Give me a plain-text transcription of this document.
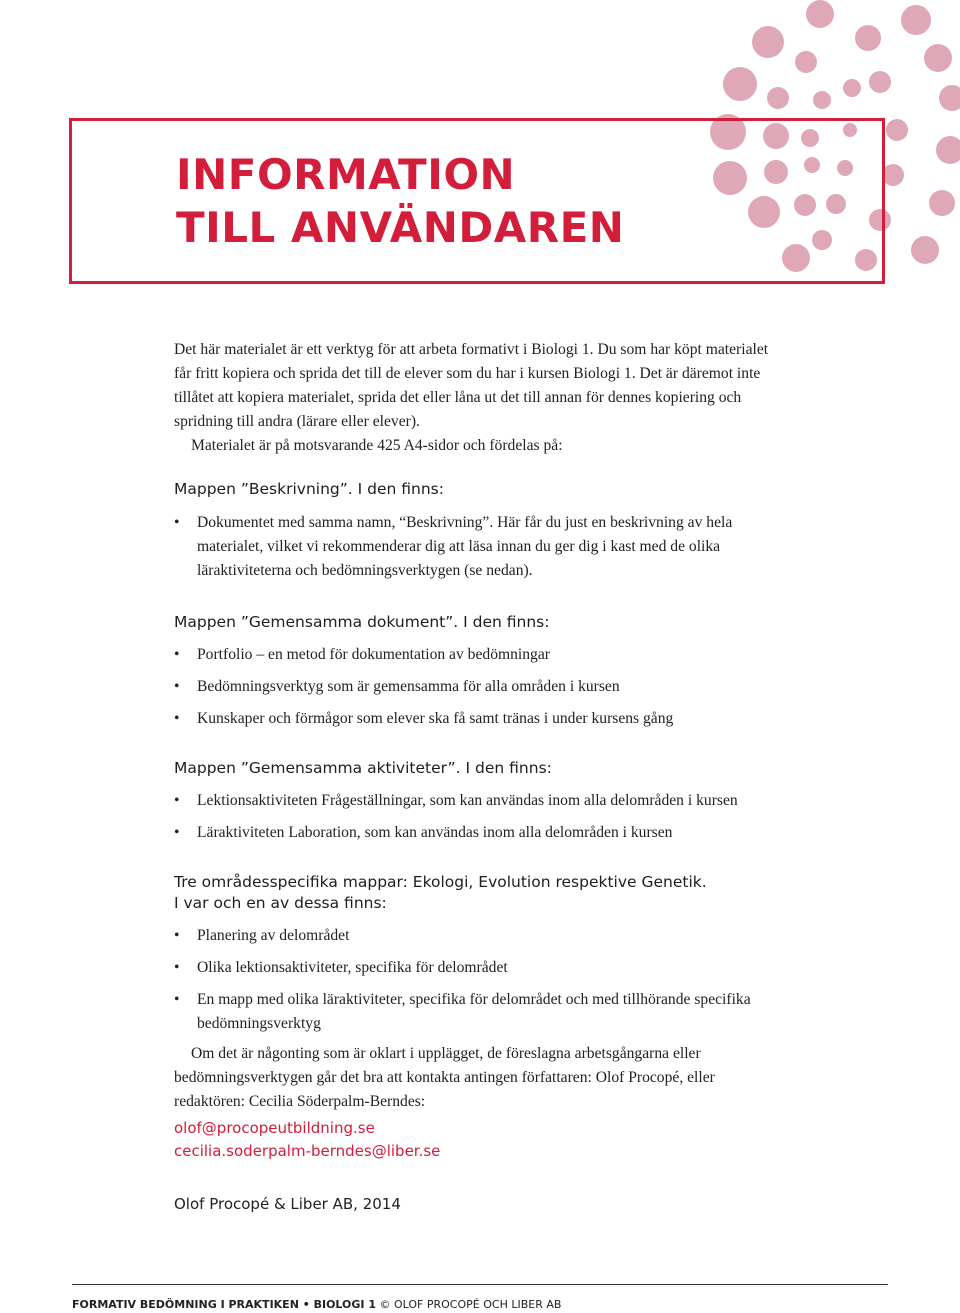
INFORMATION
TILL ANVÄNDAREN

Det här materialet är ett verktyg för att arbeta formativt i Biologi 1. Du som har köpt materialet får fritt kopiera och sprida det till de elever som du har i kursen Biologi 1. Det är däremot inte tillåtet att kopiera materialet, sprida det eller låna ut det till annan för dennes kopiering och spridning till andra (lärare eller elever).

Materialet är på motsvarande 425 A4-sidor och fördelas på:

Mappen ”Beskrivning”. I den finns:
• Dokumentet med samma namn, “Beskrivning”. Här får du just en beskrivning av hela materialet, vilket vi rekommenderar dig att läsa innan du ger dig i kast med de olika läraktiviteterna och bedömningsverktygen (se nedan).
Mappen ”Gemensamma dokument”. I den finns:
• Portfolio – en metod för dokumentation av bedömningar
• Bedömningsverktyg som är gemensamma för alla områden i kursen
• Kunskaper och förmågor som elever ska få samt tränas i under kursens gång
Mappen ”Gemensamma aktiviteter”. I den finns:
• Lektionsaktiviteten Frågeställningar, som kan användas inom alla delområden i kursen
• Läraktiviteten Laboration, som kan användas inom alla delområden i kursen
Tre områdesspecifika mappar: Ekologi, Evolution respektive Genetik.
I var och en av dessa finns:
• Planering av delområdet
• Olika lektionsaktiviteter, specifika för delområdet
• En mapp med olika läraktiviteter, specifika för delområdet och med tillhörande specifika bedömningsverktyg

Om det är någonting som är oklart i upplägget, de föreslagna arbetsgångarna eller bedömningsverktygen går det bra att kontakta antingen författaren: Olof Procopé, eller redaktören: Cecilia Söderpalm-Berndes:

olof@procopeutbildning.se
cecilia.soderpalm-berndes@liber.se
Olof Procopé & Liber AB, 2014
FORMATIV BEDÖMNING I PRAKTIKEN • BIOLOGI 1 © OLOF PROCOPÉ OCH LIBER AB
